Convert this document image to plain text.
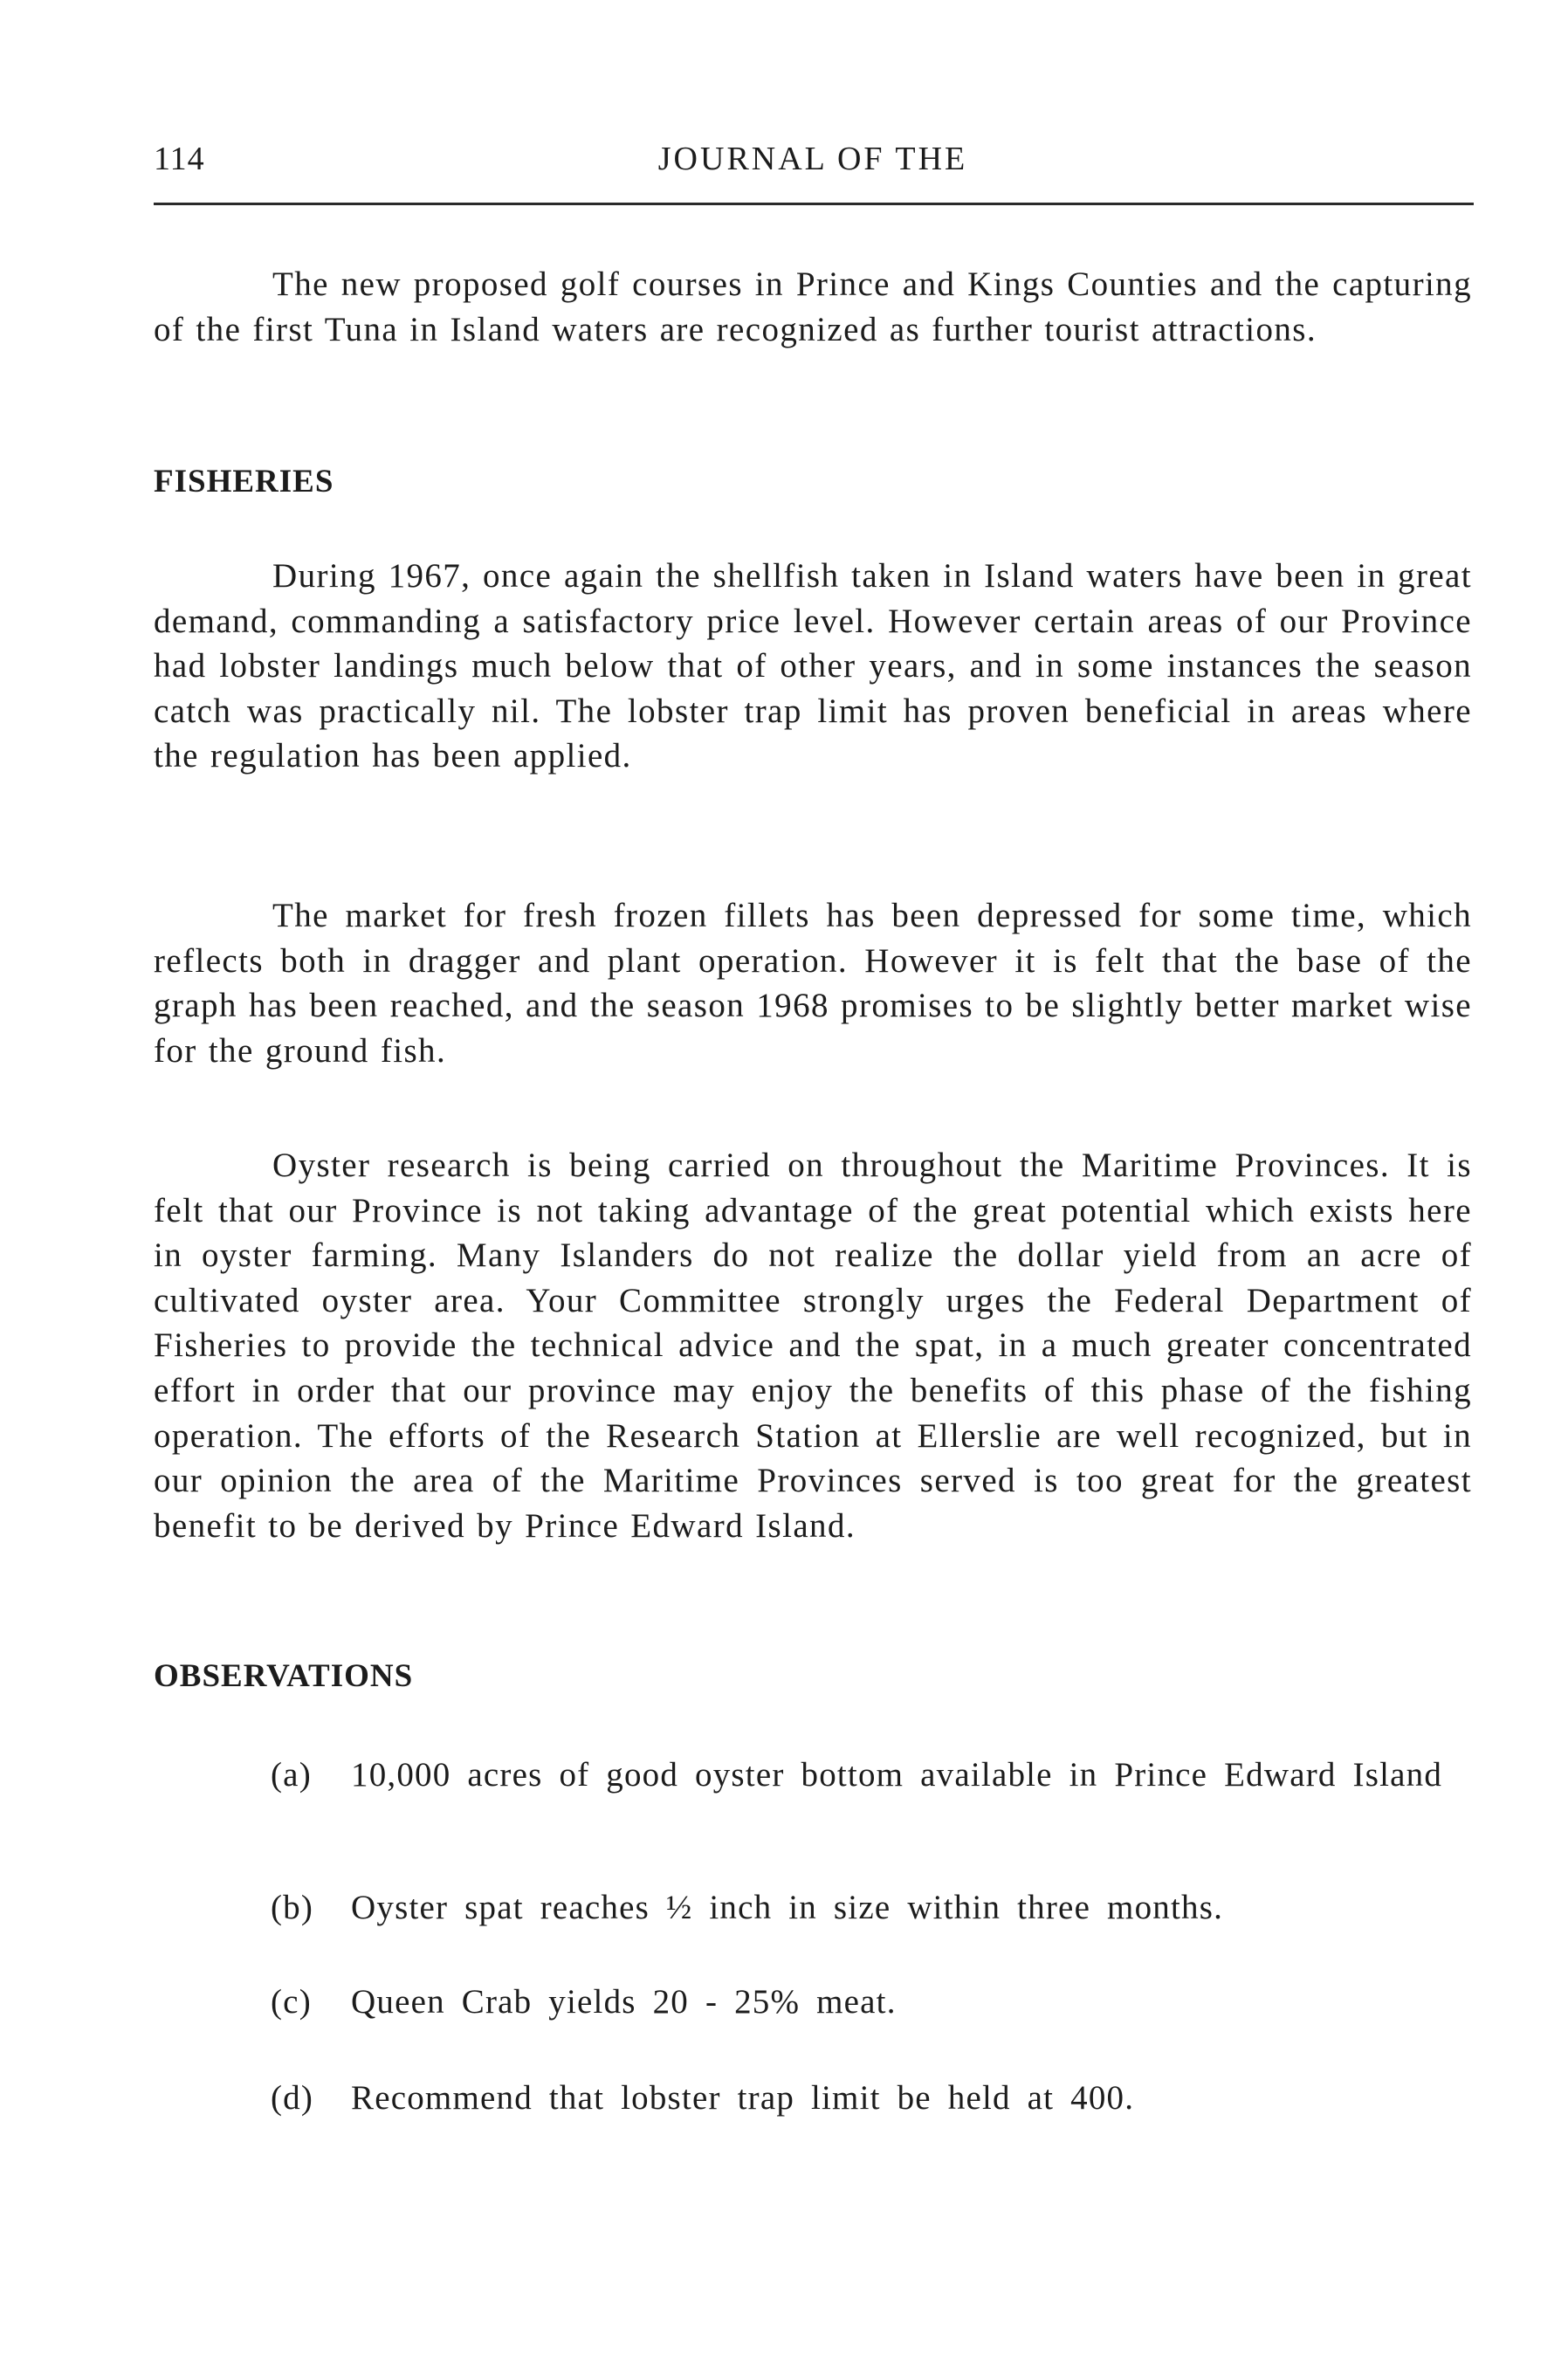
114	JOURNAL OF THE

The new proposed golf courses in Prince and Kings Counties and the capturing of the first Tuna in Island waters are recognized as further tourist attractions.

FISHERIES

During 1967, once again the shellfish taken in Island waters have been in great demand, commanding a satisfactory price level. However certain areas of our Province had lobster landings much below that of other years, and in some instances the season catch was practically nil. The lobster trap limit has proven beneficial in areas where the regulation has been applied.

The market for fresh frozen fillets has been depressed for some time, which reflects both in dragger and plant operation. However it is felt that the base of the graph has been reached, and the season 1968 promises to be slightly better market wise for the ground fish.

Oyster research is being carried on throughout the Maritime Provinces. It is felt that our Province is not taking advantage of the great potential which exists here in oyster farming. Many Islanders do not realize the dollar yield from an acre of cultivated oyster area. Your Committee strongly urges the Federal Department of Fisheries to provide the technical advice and the spat, in a much greater concentrated effort in order that our province may enjoy the benefits of this phase of the fishing operation. The efforts of the Research Station at Ellerslie are well recognized, but in our opinion the area of the Maritime Provinces served is too great for the greatest benefit to be derived by Prince Edward Island.

OBSERVATIONS
(a) 10,000 acres of good oyster bottom available in Prince Edward Island
(b) Oyster spat reaches ½ inch in size within three months.
(c) Queen Crab yields 20 - 25% meat.
(d) Recommend that lobster trap limit be held at 400.
